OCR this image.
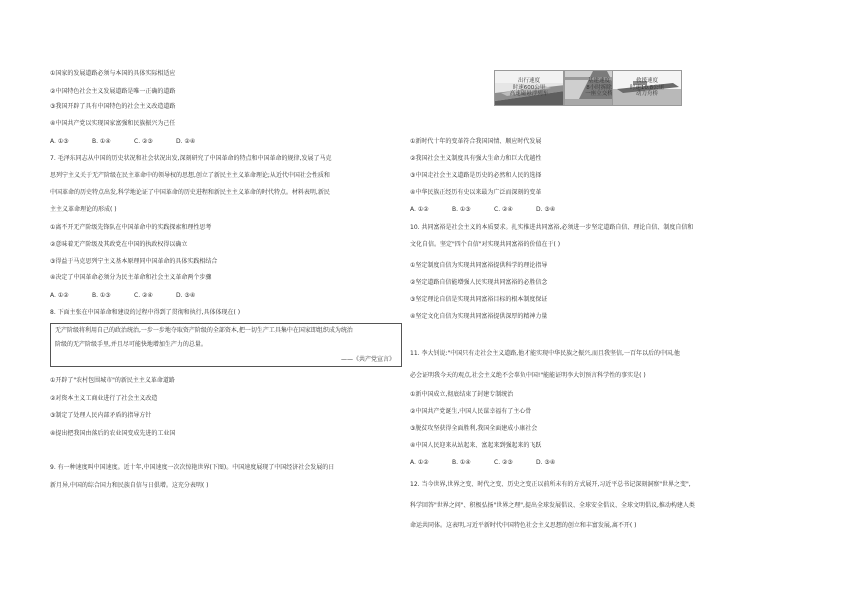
①国家的发展道路必须与本国的具体实际相适应
②中国特色社会主义发展道路是唯一正确的道路
③我国开辟了具有中国特色的社会主义改造道路
④中国共产党以实现国家富强和民族振兴为己任
A. ①③	B. ①④	C. ②③	D. ②④
7. 毛泽东同志从中国的历史状况和社会状况出发,深刻研究了中国革命的特点和中国革命的规律,发展了马克
思列宁主义关于无产阶级在民主革命中的领导权的思想,创立了新民主主义革命理论;从近代中国社会性质和
中国革命的历史特点出发,科学地论证了中国革命的历史进程和新民主主义革命的时代特点。材料表明,新民
主主义革命理论的形成( )
①离不开无产阶级先锋队在中国革命中的实践探索和理性思考
②意味着无产阶级及其政党在中国的执政权得以确立
③得益于马克思列宁主义基本原理同中国革命的具体实践相结合
④决定了中国革命必须分为民主革命和社会主义革命两个步骤
A. ①②	B. ①③	C. ②④	D. ③④
8. 下面主张在中国革命和建设的过程中得到了贯彻和执行,具体体现在( )
无产阶级将利用自己的政治统治,一步一步地夺取资产阶级的全部资本,把一切生产工具集中在国家即组织成为统治
阶级的无产阶级手里,并且尽可能快地增加生产力的总量。
——《共产党宣言》
①开辟了"农村包围城市"的新民主主义革命道路
②对资本主义工商业进行了社会主义改造
③制定了处理人民内部矛盾的指导方针
④提出把我国由落后的农业国变成先进的工业国
9. 有一种速度叫中国速度。近十年,中国速度一次次惊艳世界(下图)。中国速度展现了中国经济社会发展的日
新月异,中国的综合国力和民族自信与日俱增。这充分表明( )
出行速度
时速600公里
高速磁悬浮列车
基建速度
8小时拆除
一座立交桥
救援速度
时速10.8公里
动力舟桥
①新时代十年的变革符合我国国情、顺应时代发展
②我国社会主义制度具有强大生命力和巨大优越性
③中国走社会主义道路是历史的必然和人民的选择
④中华民族正经历有史以来最为广泛而深刻的变革
A. ①②	B. ①③	C. ②④	D. ③④
10. 共同富裕是社会主义的本质要求。扎实推进共同富裕,必须进一步坚定道路自信、理论自信、制度自信和
文化自信。坚定"四个自信"对实现共同富裕的价值在于( )
①坚定制度自信为实现共同富裕提供科学的理论指导
②坚定道路自信能增强人民实现共同富裕的必胜信念
③坚定理论自信是实现共同富裕目标的根本制度保证
④坚定文化自信为实现共同富裕提供深厚的精神力量
11. 李大钊说:"中国只有走社会主义道路,他才能实现中华民族之振兴,而且我坚信,一百年以后的中国,他
必会证明我今天的观点,社会主义绝不会辜负中国!"能能证明李大钊预言科学性的事实是( )
①新中国成立,彻底结束了封建专制统治
②中国共产党诞生,中国人民谋幸福有了主心骨
③脱贫攻坚获得全面胜利,我国全面建成小康社会
④中国人民迎来从站起来、富起来到强起来的飞跃
A. ①②	B. ①④	C. ②③	D. ③④
12. 当今世界,世界之变、时代之变、历史之变正以前所未有的方式展开,习近平总书记深刻洞察"世界之变",
科学回答"世界之问"、积极弘扬"世界之理",提出全球发展倡议、全球安全倡议、全球文明倡议,推动构建人类
命运共同体。这表明,习近平新时代中国特色社会主义思想的创立和丰富发展,离不开( )
